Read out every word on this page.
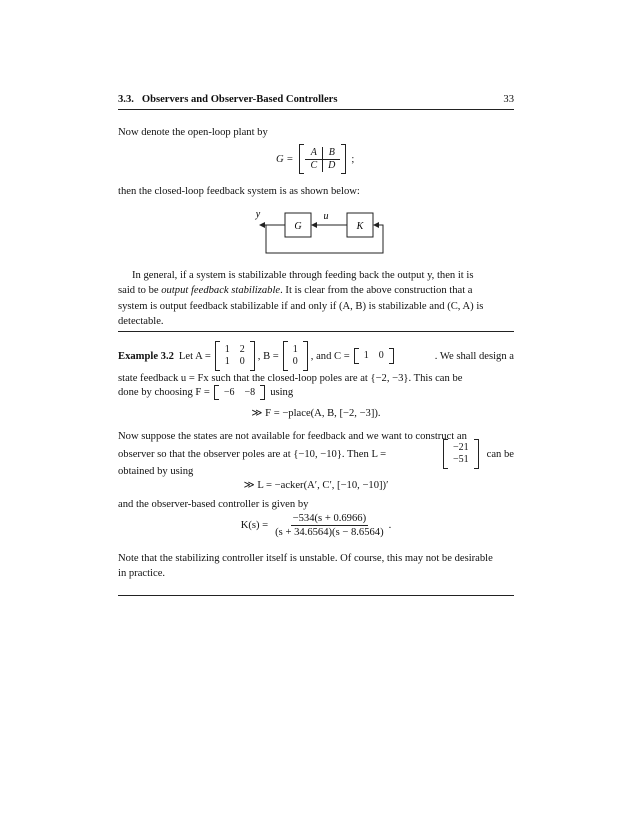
3.3.   Observers and Observer-Based Controllers	33
Now denote the open-loop plant by
G =
A	B
C	D
;
then the closed-loop feedback system is as shown below:
G	K
u
y
In general, if a system is stabilizable through feeding back the output y, then it is
said to be output feedback stabilizable. It is clear from the above construction that a
system is output feedback stabilizable if and only if (A, B) is stabilizable and (C, A) is
detectable.
Example 3.2 Let A =
1	2
1	0 , B =
1
0 , and C = 1	0	. We shall design a
state feedback u = Fx such that the closed-loop poles are at {−2, −3}. This can be
done by choosing F = −6	−8 using
≫ F = −place(A, B, [−2, −3]).
Now suppose the states are not available for feedback and we want to construct an
observer so that the observer poles are at {−10, −10}. Then L =
−21
−51 can be
obtained by using
≫ L = −acker(A′, C′, [−10, −10])′
and the observer-based controller is given by
$K(s) = \frac{-534(s + 0.6966)}{(s + 34.6564)(s - 8.6564)}$ .
Note that the stabilizing controller itself is unstable. Of course, this may not be desirable
in practice.
